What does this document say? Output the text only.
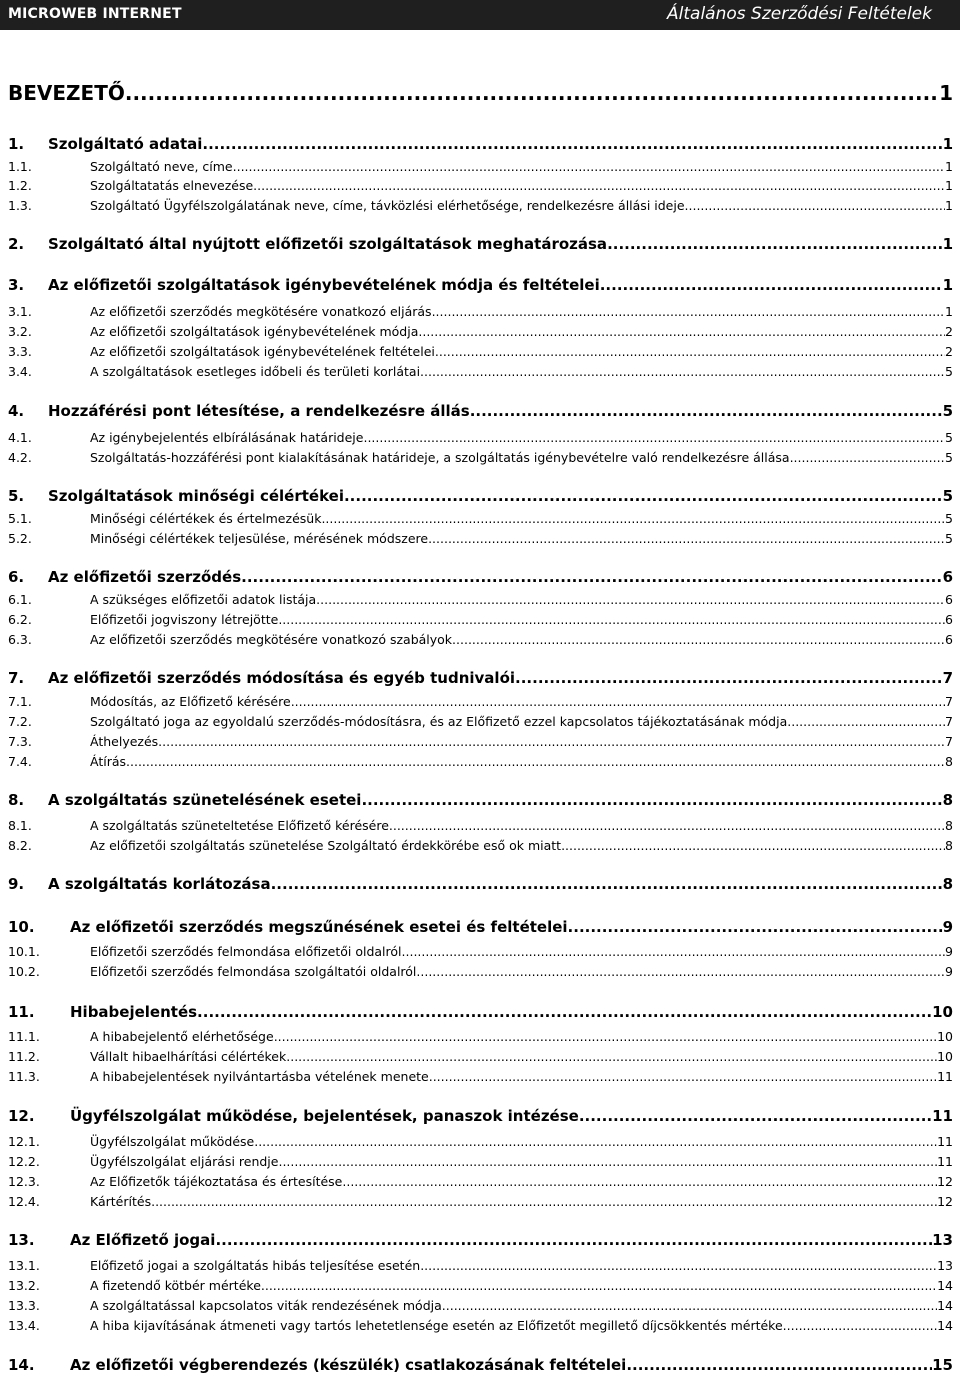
MICROWEB INTERNET	Általános Szerződési Feltételek
BEVEZETŐ .....	1
1.	Szolgáltató adatai .....	1
1.1.	Szolgáltató neve, címe .....	1
1.2.	Szolgáltatatás elnevezése .....	1
1.3.	Szolgáltató Ügyfélszolgálatának neve, címe, távközlési elérhetősége, rendelkezésre állási ideje .....	1
2.	Szolgáltató által nyújtott előfizetői szolgáltatások meghatározása .....	1
3.	Az előfizetői szolgáltatások igénybevételének módja és feltételei .....	1
3.1.	Az előfizetői szerződés megkötésére vonatkozó eljárás .....	1
3.2.	Az előfizetői szolgáltatások igénybevételének módja .....	2
3.3.	Az előfizetői szolgáltatások igénybevételének feltételei .....	2
3.4.	A szolgáltatások esetleges időbeli és területi korlátai .....	5
4.	Hozzáférési pont létesítése, a rendelkezésre állás .....	5
4.1.	Az igénybejelentés elbírálásának határideje .....	5
4.2.	Szolgáltatás-hozzáférési pont kialakításának határideje, a szolgáltatás igénybevételre való rendelkezésre állása .....	5
5.	Szolgáltatások minőségi célértékei .....	5
5.1.	Minőségi célértékek és értelmezésük .....	5
5.2.	Minőségi célértékek teljesülése, mérésének módszere .....	5
6.	Az előfizetői szerződés .....	6
6.1.	A szükséges előfizetői adatok listája .....	6
6.2.	Előfizetői jogviszony létrejötte .....	6
6.3.	Az előfizetői szerződés megkötésére vonatkozó szabályok .....	6
7.	Az előfizetői szerződés módosítása és egyéb tudnivalói .....	7
7.1.	Módosítás, az Előfizető kérésére .....	7
7.2.	Szolgáltató joga az egyoldalú szerződés-módosításra, és az Előfizető ezzel kapcsolatos tájékoztatásának módja .....	7
7.3.	Áthelyezés .....	7
7.4.	Átírás .....	8
8.	A szolgáltatás szünetelésének esetei .....	8
8.1.	A szolgáltatás szüneteltetése Előfizető kérésére .....	8
8.2.	Az előfizetői szolgáltatás szünetelése Szolgáltató érdekkörébe eső ok miatt .....	8
9.	A szolgáltatás korlátozása .....	8
10.	Az előfizetői szerződés megszűnésének esetei és feltételei .....	9
10.1.	Előfizetői szerződés felmondása előfizetői oldalról .....	9
10.2.	Előfizetői szerződés felmondása szolgáltatói oldalról .....	9
11.	Hibabejelentés .....	10
11.1.	A hibabejelentő elérhetősége .....	10
11.2.	Vállalt hibaelhárítási célértékek .....	10
11.3.	A hibabejelentések nyilvántartásba vételének menete .....	11
12.	Ügyfélszolgálat működése, bejelentések, panaszok intézése .....	11
12.1.	Ügyfélszolgálat működése .....	11
12.2.	Ügyfélszolgálat eljárási rendje .....	11
12.3.	Az Előfizetők tájékoztatása és értesítése .....	12
12.4.	Kártérítés .....	12
13.	Az Előfizető jogai .....	13
13.1.	Előfizető jogai a szolgáltatás hibás teljesítése esetén .....	13
13.2.	A fizetendő kötbér mértéke .....	14
13.3.	A szolgáltatással kapcsolatos viták rendezésének módja .....	14
13.4.	A hiba kijavításának átmeneti vagy tartós lehetetlensége esetén az Előfizetőt megillető díjcsökkentés mértéke .....	14
14.	Az előfizetői végberendezés (készülék) csatlakozásának feltételei .....	15
